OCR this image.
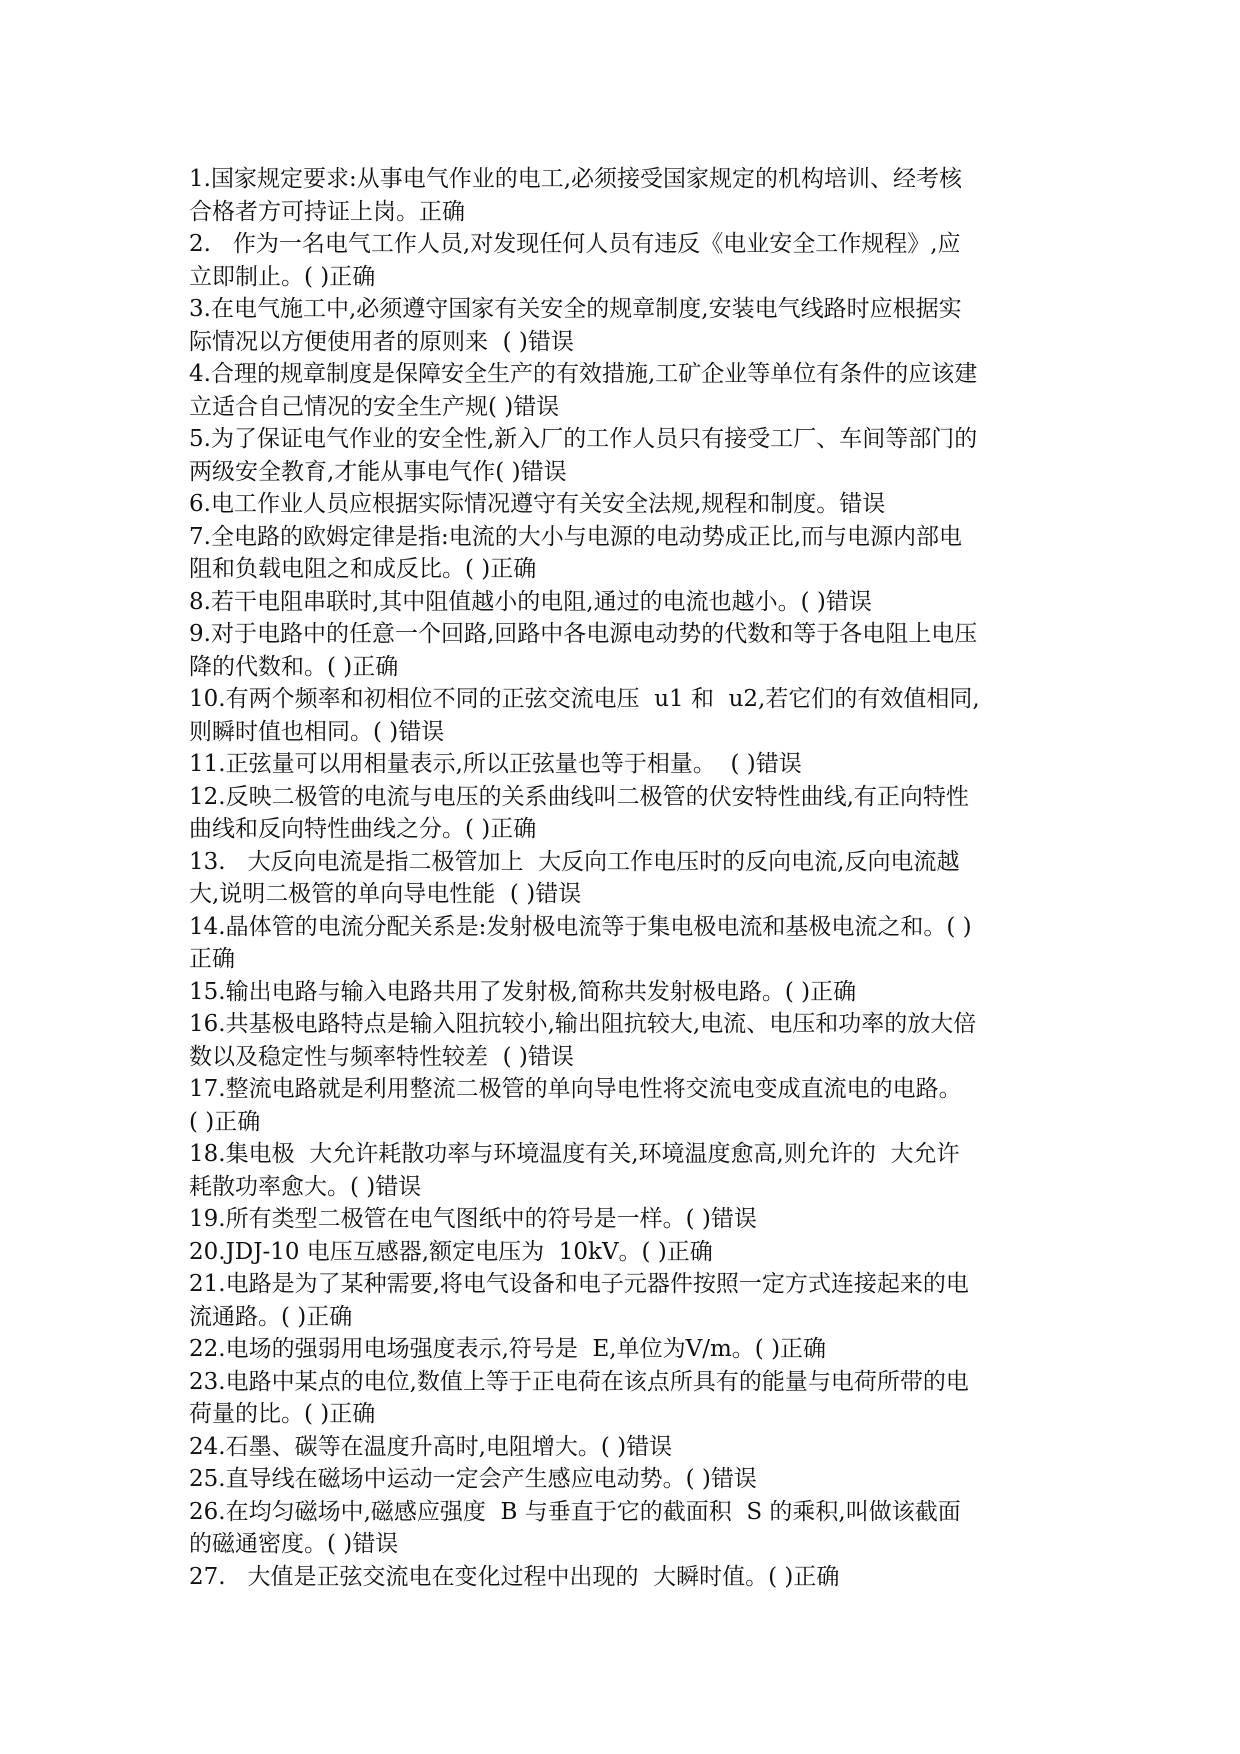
1.国家规定要求:从事电气作业的电工,必须接受国家规定的机构培训、经考核
合格者方可持证上岗。正确
2.   作为一名电气工作人员,对发现任何人员有违反《电业安全工作规程》,应
立即制止。( )正确
3.在电气施工中,必须遵守国家有关安全的规章制度,安装电气线路时应根据实
际情况以方便使用者的原则来  ( )错误
4.合理的规章制度是保障安全生产的有效措施,工矿企业等单位有条件的应该建
立适合自己情况的安全生产规( )错误
5.为了保证电气作业的安全性,新入厂的工作人员只有接受工厂、车间等部门的
两级安全教育,才能从事电气作( )错误
6.电工作业人员应根据实际情况遵守有关安全法规,规程和制度。错误
7.全电路的欧姆定律是指:电流的大小与电源的电动势成正比,而与电源内部电
阻和负载电阻之和成反比。( )正确
8.若干电阻串联时,其中阻值越小的电阻,通过的电流也越小。( )错误
9.对于电路中的任意一个回路,回路中各电源电动势的代数和等于各电阻上电压
降的代数和。( )正确
10.有两个频率和初相位不同的正弦交流电压  u1 和  u2,若它们的有效值相同,
则瞬时值也相同。( )错误
11.正弦量可以用相量表示,所以正弦量也等于相量。  ( )错误
12.反映二极管的电流与电压的关系曲线叫二极管的伏安特性曲线,有正向特性
曲线和反向特性曲线之分。( )正确
13.   大反向电流是指二极管加上  大反向工作电压时的反向电流,反向电流越
大,说明二极管的单向导电性能  ( )错误
14.晶体管的电流分配关系是:发射极电流等于集电极电流和基极电流之和。( )
正确
15.输出电路与输入电路共用了发射极,简称共发射极电路。( )正确
16.共基极电路特点是输入阻抗较小,输出阻抗较大,电流、电压和功率的放大倍
数以及稳定性与频率特性较差  ( )错误
17.整流电路就是利用整流二极管的单向导电性将交流电变成直流电的电路。
( )正确
18.集电极  大允许耗散功率与环境温度有关,环境温度愈高,则允许的  大允许
耗散功率愈大。( )错误
19.所有类型二极管在电气图纸中的符号是一样。( )错误
20.JDJ-10 电压互感器,额定电压为  10kV。( )正确
21.电路是为了某种需要,将电气设备和电子元器件按照一定方式连接起来的电
流通路。( )正确
22.电场的强弱用电场强度表示,符号是  E,单位为V/m。( )正确
23.电路中某点的电位,数值上等于正电荷在该点所具有的能量与电荷所带的电
荷量的比。( )正确
24.石墨、碳等在温度升高时,电阻增大。( )错误
25.直导线在磁场中运动一定会产生感应电动势。( )错误
26.在均匀磁场中,磁感应强度  B 与垂直于它的截面积  S 的乘积,叫做该截面
的磁通密度。( )错误
27.   大值是正弦交流电在变化过程中出现的  大瞬时值。( )正确
